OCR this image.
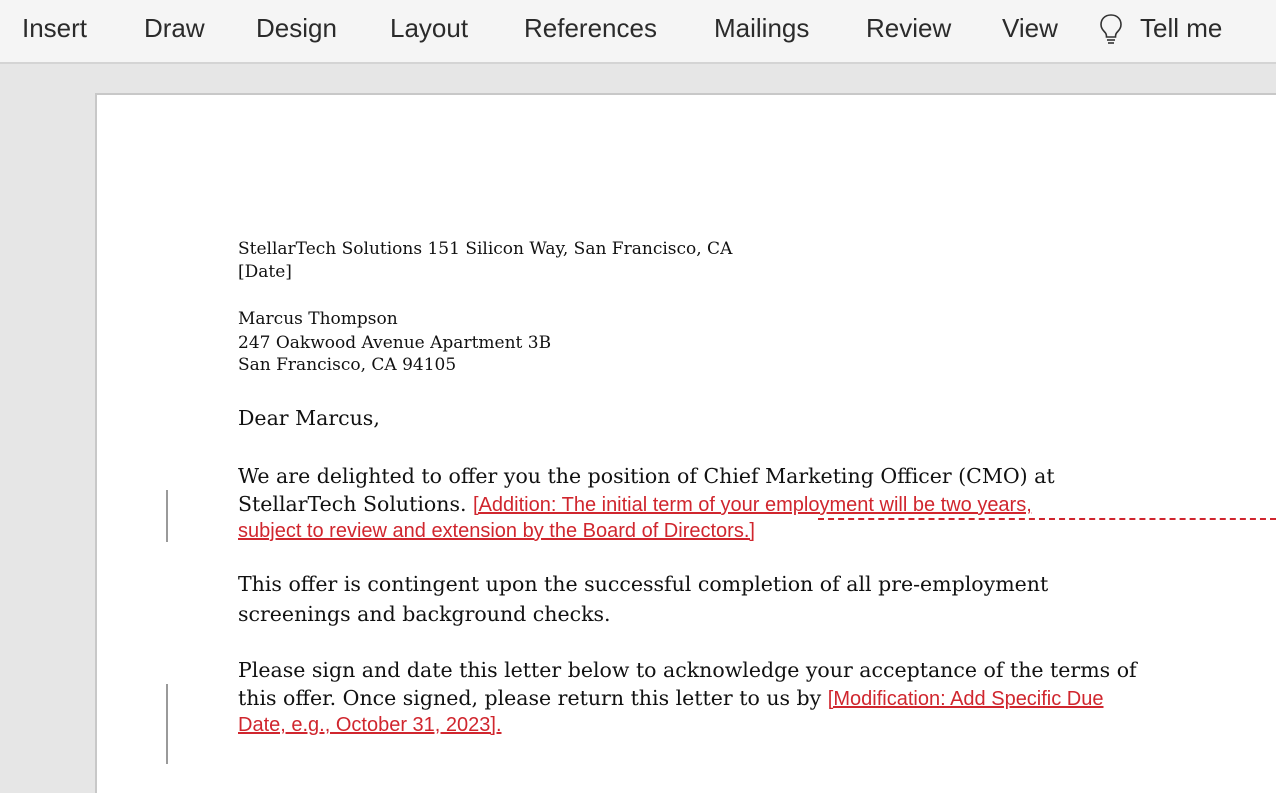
Insert Draw Design Layout References Mailings Review View	Tell me
StellarTech Solutions 151 Silicon Way, San Francisco, CA
[Date]
Marcus Thompson
247 Oakwood Avenue Apartment 3B
San Francisco, CA 94105
Dear Marcus,
We are delighted to offer you the position of Chief Marketing Officer (CMO) at
StellarTech Solutions. [Addition: The initial term of your employment will be two years,
subject to review and extension by the Board of Directors.]
This offer is contingent upon the successful completion of all pre-employment
screenings and background checks.
Please sign and date this letter below to acknowledge your acceptance of the terms of
this offer. Once signed, please return this letter to us by [Modification: Add Specific Due
Date, e.g., October 31, 2023].
